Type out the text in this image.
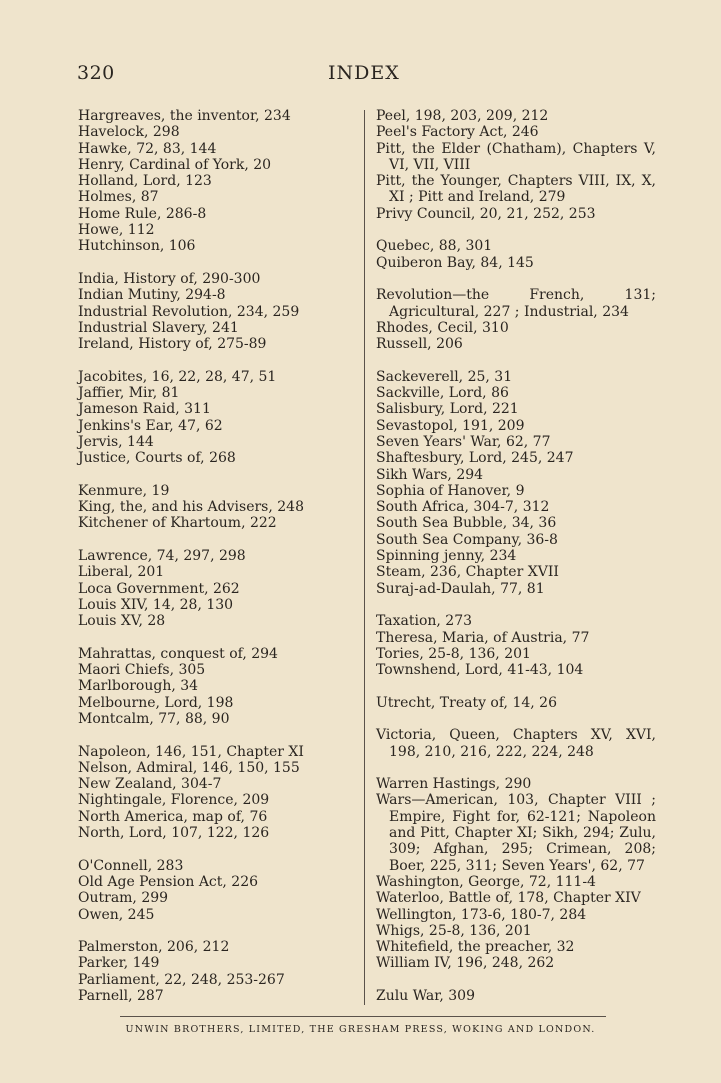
320	INDEX
Hargreaves, the inventor, 234
Havelock, 298
Hawke, 72, 83, 144
Henry, Cardinal of York, 20
Holland, Lord, 123
Holmes, 87
Home Rule, 286-8
Howe, 112
Hutchinson, 106
India, History of, 290-300
Indian Mutiny, 294-8
Industrial Revolution, 234, 259
Industrial Slavery, 241
Ireland, History of, 275-89
Jacobites, 16, 22, 28, 47, 51
Jaffier, Mir, 81
Jameson Raid, 311
Jenkins's Ear, 47, 62
Jervis, 144
Justice, Courts of, 268
Kenmure, 19
King, the, and his Advisers, 248
Kitchener of Khartoum, 222
Lawrence, 74, 297, 298
Liberal, 201
Loca Government, 262
Louis XIV, 14, 28, 130
Louis XV, 28
Mahrattas, conquest of, 294
Maori Chiefs, 305
Marlborough, 34
Melbourne, Lord, 198
Montcalm, 77, 88, 90
Napoleon, 146, 151, Chapter XI
Nelson, Admiral, 146, 150, 155
New Zealand, 304-7
Nightingale, Florence, 209
North America, map of, 76
North, Lord, 107, 122, 126
O'Connell, 283
Old Age Pension Act, 226
Outram, 299
Owen, 245
Palmerston, 206, 212
Parker, 149
Parliament, 22, 248, 253-267
Parnell, 287
Peel, 198, 203, 209, 212
Peel's Factory Act, 246
Pitt, the Elder (Chatham), Chapters V, VI, VII, VIII
Pitt, the Younger, Chapters VIII, IX, X, XI ; Pitt and Ireland, 279
Privy Council, 20, 21, 252, 253
Quebec, 88, 301
Quiberon Bay, 84, 145
Revolution—the French, 131; Agricultural, 227 ; Industrial, 234
Rhodes, Cecil, 310
Russell, 206
Sackeverell, 25, 31
Sackville, Lord, 86
Salisbury, Lord, 221
Sevastopol, 191, 209
Seven Years' War, 62, 77
Shaftesbury, Lord, 245, 247
Sikh Wars, 294
Sophia of Hanover, 9
South Africa, 304-7, 312
South Sea Bubble, 34, 36
South Sea Company, 36-8
Spinning jenny, 234
Steam, 236, Chapter XVII
Suraj-ad-Daulah, 77, 81
Taxation, 273
Theresa, Maria, of Austria, 77
Tories, 25-8, 136, 201
Townshend, Lord, 41-43, 104
Utrecht, Treaty of, 14, 26
Victoria, Queen, Chapters XV, XVI, 198, 210, 216, 222, 224, 248
Warren Hastings, 290
Wars—American, 103, Chapter VIII ; Empire, Fight for, 62-121; Napoleon and Pitt, Chapter XI; Sikh, 294; Zulu, 309; Afghan, 295; Crimean, 208; Boer, 225, 311; Seven Years', 62, 77
Washington, George, 72, 111-4
Waterloo, Battle of, 178, Chapter XIV
Wellington, 173-6, 180-7, 284
Whigs, 25-8, 136, 201
Whitefield, the preacher, 32
William IV, 196, 248, 262
Zulu War, 309
UNWIN BROTHERS, LIMITED, THE GRESHAM PRESS, WOKING AND LONDON.
